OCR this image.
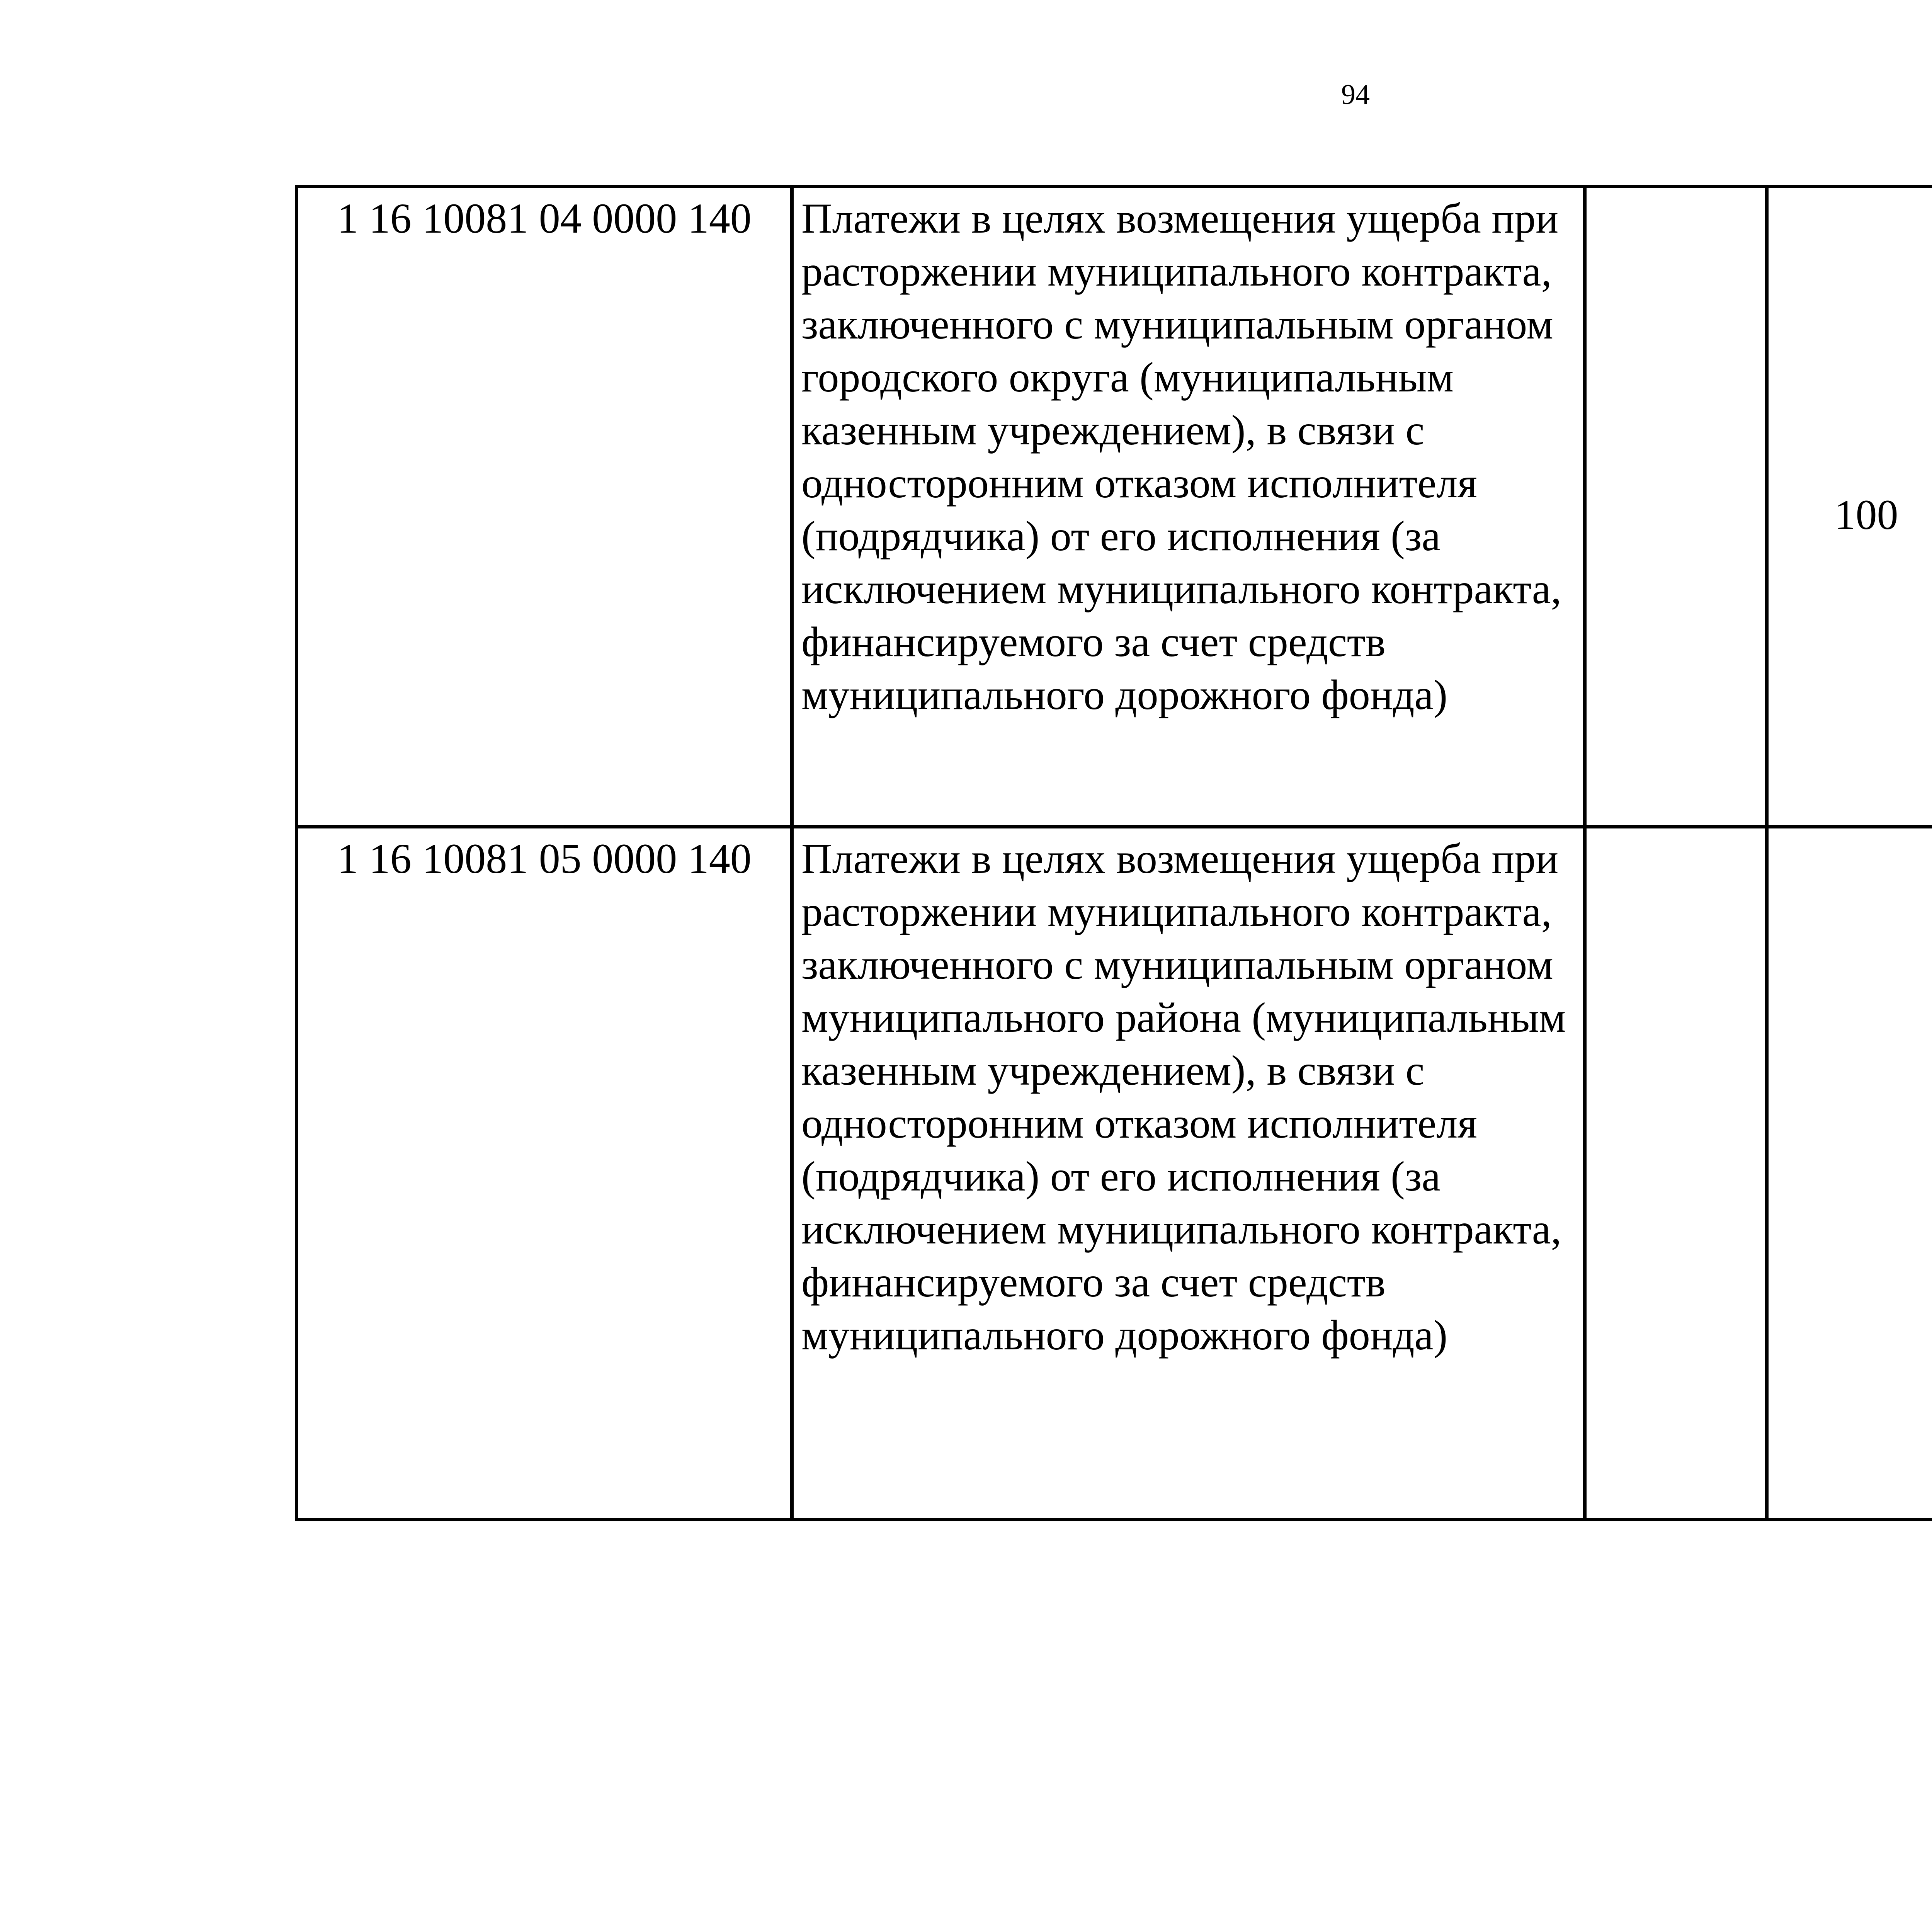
94
1 16 10081 04 0000 140	Платежи в целях возмещения ущерба при расторжении муниципального контракта, заключенного с муниципальным органом городского округа (муниципальным казенным учреждением), в связи с односторонним отказом исполнителя (подрядчика) от его исполнения (за исключением муниципального контракта, финансируемого за счет средств муниципального дорожного фонда)		100			

1 16 10081 05 0000 140	Платежи в целях возмещения ущерба при расторжении муниципального контракта, заключенного с муниципальным органом муниципального района (муниципальным казенным учреждением), в связи с односторонним отказом исполнителя (подрядчика) от его исполнения (за исключением муниципального контракта, финансируемого за счет средств муниципального дорожного фонда)			
